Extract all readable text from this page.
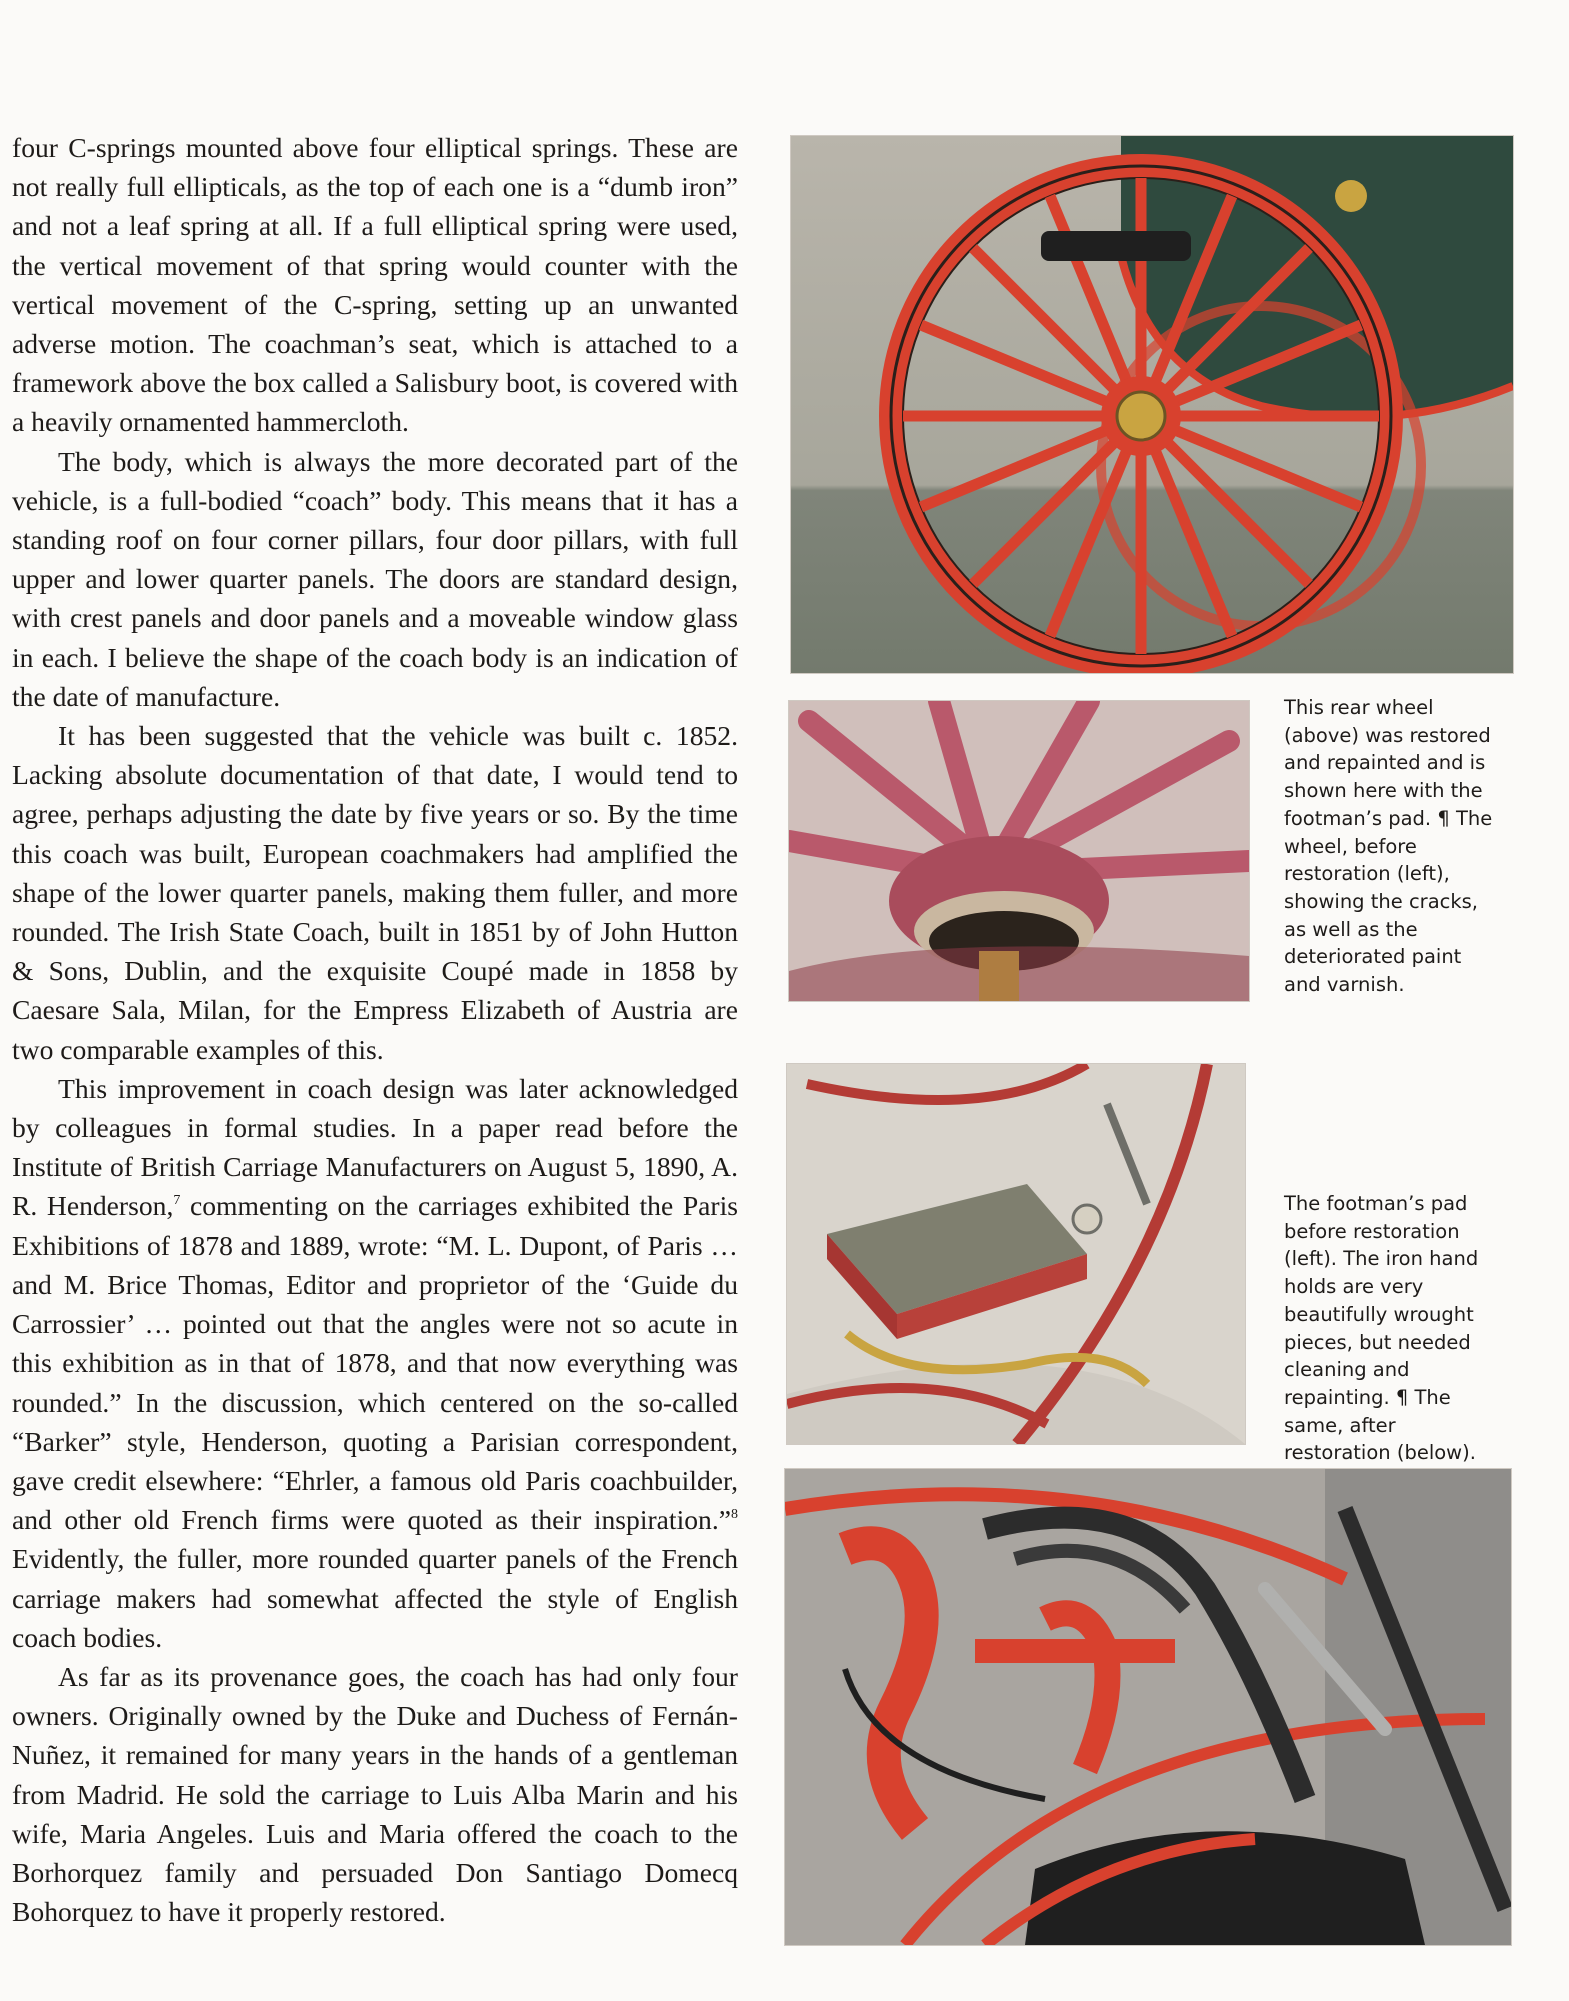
four C-springs mounted above four elliptical springs. These are not really full ellipticals, as the top of each one is a “dumb iron” and not a leaf spring at all. If a full elliptical spring were used, the vertical movement of that spring would counter with the vertical movement of the C-spring, setting up an unwanted adverse motion. The coachman’s seat, which is attached to a framework above the box called a Salisbury boot, is covered with a heavily ornamented hammercloth.

The body, which is always the more decorated part of the vehicle, is a full-bodied “coach” body. This means that it has a standing roof on four corner pillars, four door pillars, with full upper and lower quarter panels. The doors are standard design, with crest panels and door panels and a moveable window glass in each. I believe the shape of the coach body is an indication of the date of manufacture.

It has been suggested that the vehicle was built c. 1852. Lacking absolute documentation of that date, I would tend to agree, perhaps adjusting the date by five years or so. By the time this coach was built, European coachmakers had amplified the shape of the lower quarter panels, making them fuller, and more rounded. The Irish State Coach, built in 1851 by of John Hutton & Sons, Dublin, and the exquisite Coupé made in 1858 by Caesare Sala, Milan, for the Empress Elizabeth of Austria are two comparable examples of this.

This improvement in coach design was later acknowledged by colleagues in formal studies. In a paper read before the Institute of British Carriage Manufacturers on August 5, 1890, A. R. Henderson,$^7$ commenting on the carriages exhibited the Paris Exhibitions of 1878 and 1889, wrote: “M. L. Dupont, of Paris … and M. Brice Thomas, Editor and proprietor of the ‘Guide du Carrossier’ … pointed out that the angles were not so acute in this exhibition as in that of 1878, and that now everything was rounded.” In the discussion, which centered on the so-called “Barker” style, Henderson, quoting a Parisian correspondent, gave credit elsewhere: “Ehrler, a famous old Paris coachbuilder, and other old French firms were quoted as their inspiration.”$^8$ Evidently, the fuller, more rounded quarter panels of the French carriage makers had somewhat affected the style of English coach bodies.

As far as its provenance goes, the coach has had only four owners. Originally owned by the Duke and Duchess of Fernán-Nuñez, it remained for many years in the hands of a gentleman from Madrid. He sold the carriage to Luis Alba Marin and his wife, Maria Angeles. Luis and Maria offered the coach to the Borhorquez family and persuaded Don Santiago Domecq Bohorquez to have it properly restored.

This rear wheel (above) was restored and repainted and is shown here with the footman’s pad. ¶ The wheel, before restoration (left), showing the cracks, as well as the deteriorated paint and varnish.

The footman’s pad before restoration (left). The iron hand holds are very beautifully wrought pieces, but needed cleaning and repainting. ¶ The same, after restoration (below).
